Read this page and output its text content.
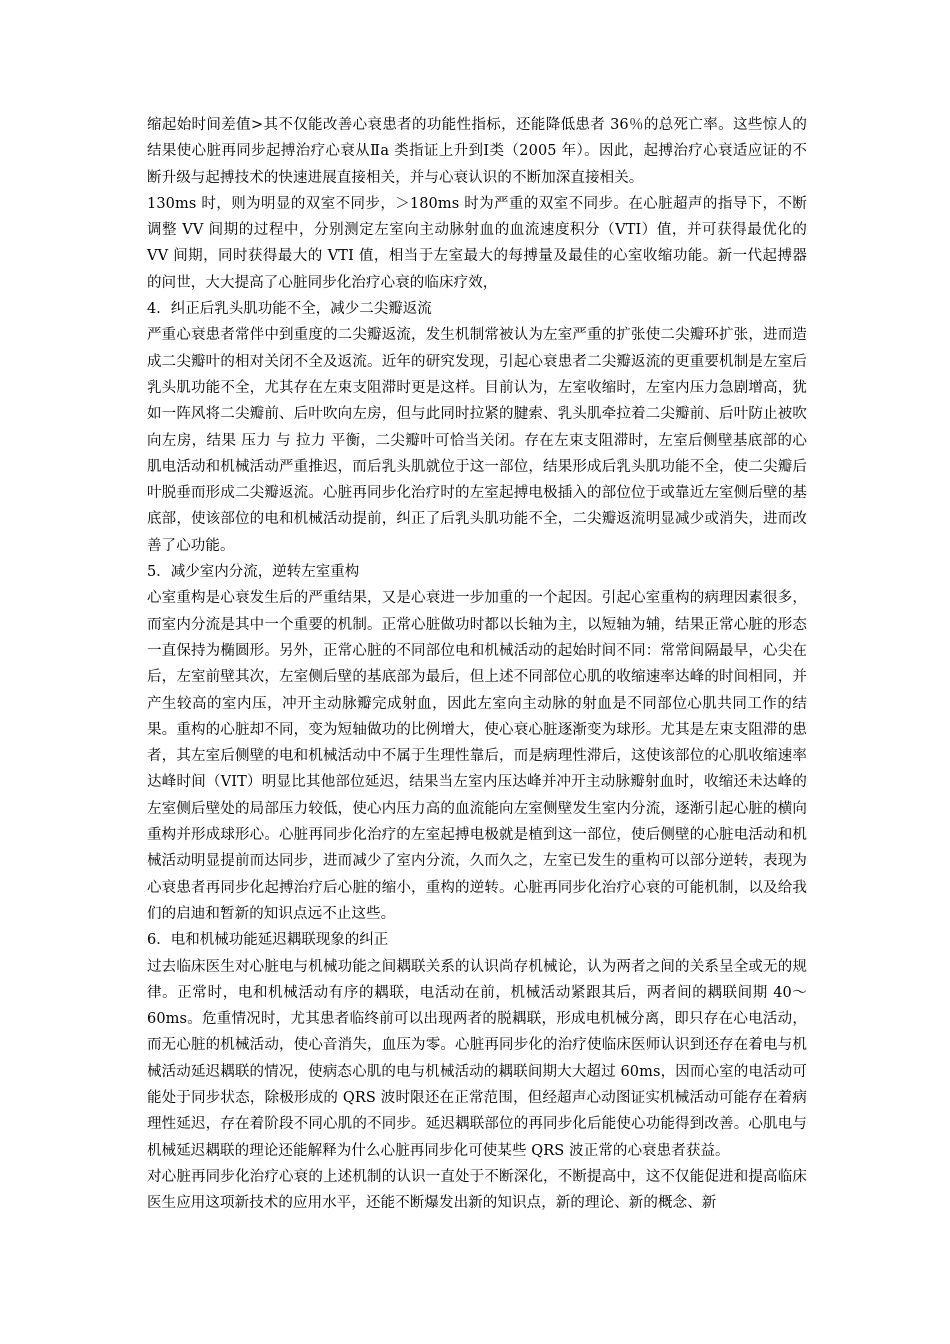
缩起始时间差值>其不仅能改善心衰患者的功能性指标，还能降低患者 36％的总死亡率。这些惊人的结果使心脏再同步起搏治疗心衰从Ⅱa 类指证上升到Ⅰ类（2005 年）。因此，起搏治疗心衰适应证的不断升级与起搏技术的快速进展直接相关，并与心衰认识的不断加深直接相关。

130ms 时，则为明显的双室不同步，＞180ms 时为严重的双室不同步。在心脏超声的指导下，不断调整 VV 间期的过程中，分别测定左室向主动脉射血的血流速度积分（VTI）值，并可获得最优化的 VV 间期，同时获得最大的 VTI 值，相当于左室最大的每搏量及最佳的心室收缩功能。新一代起搏器的问世，大大提高了心脏同步化治疗心衰的临床疗效，

4．纠正后乳头肌功能不全，减少二尖瓣返流

严重心衰患者常伴中到重度的二尖瓣返流，发生机制常被认为左室严重的扩张使二尖瓣环扩张，进而造成二尖瓣叶的相对关闭不全及返流。近年的研究发现，引起心衰患者二尖瓣返流的更重要机制是左室后乳头肌功能不全，尤其存在左束支阻滞时更是这样。目前认为，左室收缩时，左室内压力急剧增高，犹如一阵风将二尖瓣前、后叶吹向左房，但与此同时拉紧的腱索、乳头肌牵拉着二尖瓣前、后叶防止被吹向左房，结果 压力 与 拉力 平衡，二尖瓣叶可恰当关闭。存在左束支阻滞时，左室后侧壁基底部的心肌电活动和机械活动严重推迟，而后乳头肌就位于这一部位，结果形成后乳头肌功能不全，使二尖瓣后叶脱垂而形成二尖瓣返流。心脏再同步化治疗时的左室起搏电极插入的部位位于或靠近左室侧后壁的基底部，使该部位的电和机械活动提前，纠正了后乳头肌功能不全，二尖瓣返流明显减少或消失，进而改善了心功能。

5．减少室内分流，逆转左室重构

心室重构是心衰发生后的严重结果，又是心衰进一步加重的一个起因。引起心室重构的病理因素很多，而室内分流是其中一个重要的机制。正常心脏做功时都以长轴为主，以短轴为辅，结果正常心脏的形态一直保持为椭圆形。另外，正常心脏的不同部位电和机械活动的起始时间不同：常常间隔最早，心尖在后，左室前壁其次，左室侧后壁的基底部为最后，但上述不同部位心肌的收缩速率达峰的时间相同，并产生较高的室内压，冲开主动脉瓣完成射血，因此左室向主动脉的射血是不同部位心肌共同工作的结果。重构的心脏却不同，变为短轴做功的比例增大，使心衰心脏逐渐变为球形。尤其是左束支阻滞的患者，其左室后侧壁的电和机械活动中不属于生理性靠后，而是病理性滞后，这使该部位的心肌收缩速率达峰时间（VIT）明显比其他部位延迟，结果当左室内压达峰并冲开主动脉瓣射血时，收缩还未达峰的左室侧后壁处的局部压力较低，使心内压力高的血流能向左室侧壁发生室内分流，逐渐引起心脏的横向重构并形成球形心。心脏再同步化治疗的左室起搏电极就是植到这一部位，使后侧壁的心脏电活动和机械活动明显提前而达同步，进而减少了室内分流，久而久之，左室已发生的重构可以部分逆转，表现为心衰患者再同步化起搏治疗后心脏的缩小，重构的逆转。心脏再同步化治疗心衰的可能机制，以及给我们的启迪和暂新的知识点远不止这些。

6．电和机械功能延迟耦联现象的纠正

过去临床医生对心脏电与机械功能之间耦联关系的认识尚存机械论，认为两者之间的关系呈全或无的规律。正常时，电和机械活动有序的耦联，电活动在前，机械活动紧跟其后，两者间的耦联间期 40～60ms。危重情况时，尤其患者临终前可以出现两者的脱耦联，形成电机械分离，即只存在心电活动，而无心脏的机械活动，使心音消失，血压为零。心脏再同步化的治疗使临床医师认识到还存在着电与机械活动延迟耦联的情况，使病态心肌的电与机械活动的耦联间期大大超过 60ms，因而心室的电活动可能处于同步状态，除极形成的 QRS 波时限还在正常范围，但经超声心动图证实机械活动可能存在着病理性延迟，存在着阶段不同心肌的不同步。延迟耦联部位的再同步化后能使心功能得到改善。心肌电与机械延迟耦联的理论还能解释为什么心脏再同步化可使某些 QRS 波正常的心衰患者获益。

对心脏再同步化治疗心衰的上述机制的认识一直处于不断深化，不断提高中，这不仅能促进和提高临床医生应用这项新技术的应用水平，还能不断爆发出新的知识点，新的理论、新的概念、新
